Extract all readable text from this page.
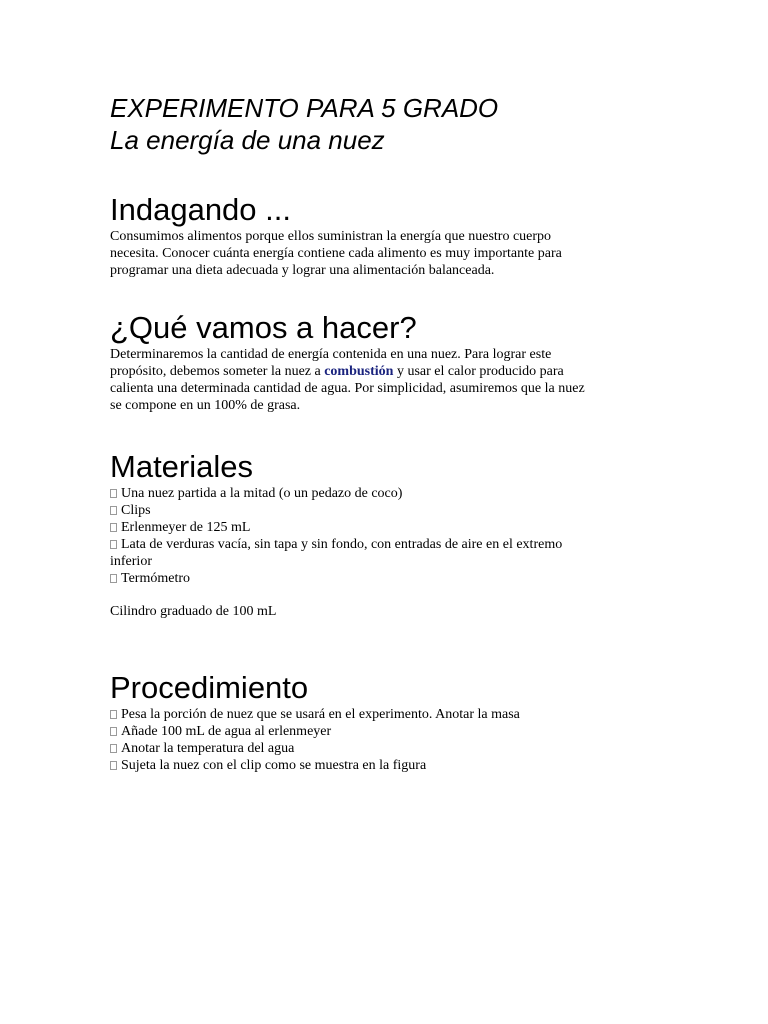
EXPERIMENTO PARA 5 GRADO
La energía de una nuez
Indagando ...

Consumimos alimentos porque ellos suministran la energía que nuestro cuerpo necesita. Conocer cuánta energía contiene cada alimento es muy importante para programar una dieta adecuada y lograr una alimentación balanceada.

¿Qué vamos a hacer?

Determinaremos la cantidad de energía contenida en una nuez. Para lograr este propósito, debemos someter la nuez a combustión y usar el calor producido para calienta una determinada cantidad de agua. Por simplicidad, asumiremos que la nuez se compone en un 100% de grasa.

Materiales
Una nuez partida a la mitad (o un pedazo de coco)
Clips
Erlenmeyer de 125 mL
Lata de verduras vacía, sin tapa y sin fondo, con entradas de aire en el extremo inferior
Termómetro

Cilindro graduado de 100 mL

Procedimiento
Pesa la porción de nuez que se usará en el experimento. Anotar la masa
Añade 100 mL de agua al erlenmeyer
Anotar la temperatura del agua
Sujeta la nuez con el clip como se muestra en la figura
